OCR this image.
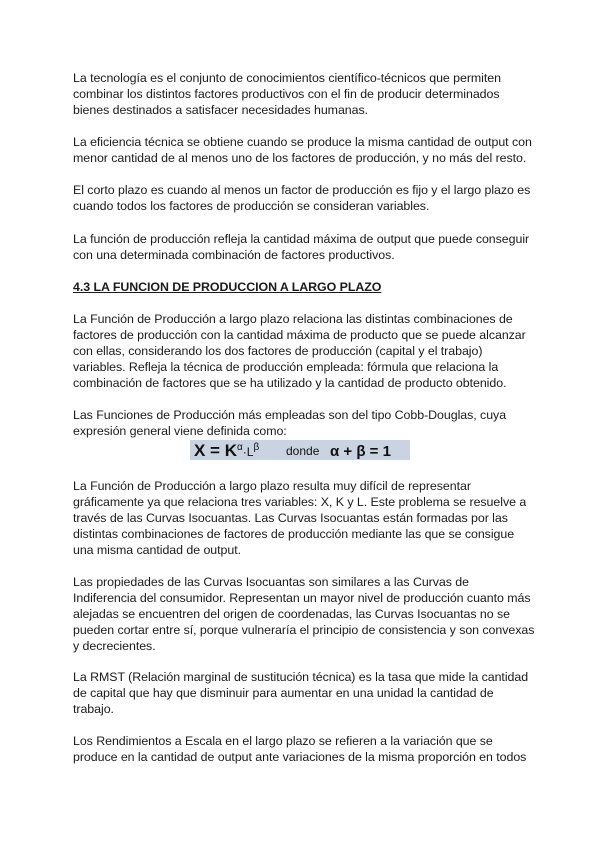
La tecnología es el conjunto de conocimientos científico-técnicos que permiten
combinar los distintos factores productivos con el fin de producir determinados
bienes destinados a satisfacer necesidades humanas.
La eficiencia técnica se obtiene cuando se produce la misma cantidad de output con
menor cantidad de al menos uno de los factores de producción, y no más del resto.
El corto plazo es cuando al menos un factor de producción es fijo y el largo plazo es
cuando todos los factores de producción se consideran variables.
La función de producción refleja la cantidad máxima de output que puede conseguir
con una determinada combinación de factores productivos.
4.3 LA FUNCION DE PRODUCCION A LARGO PLAZO
La Función de Producción a largo plazo relaciona las distintas combinaciones de
factores de producción con la cantidad máxima de producto que se puede alcanzar
con ellas, considerando los dos factores de producción (capital y el trabajo)
variables. Refleja la técnica de producción empleada: fórmula que relaciona la
combinación de factores que se ha utilizado y la cantidad de producto obtenido.
Las Funciones de Producción más empleadas son del tipo Cobb-Douglas, cuya
expresión general viene definida como:
$X = K^\alpha_{\cdot L}^\beta$ donde α + β = 1
La Función de Producción a largo plazo resulta muy difícil de representar
gráficamente ya que relaciona tres variables: X, K y L. Este problema se resuelve a
través de las Curvas Isocuantas. Las Curvas Isocuantas están formadas por las
distintas combinaciones de factores de producción mediante las que se consigue
una misma cantidad de output.
Las propiedades de las Curvas Isocuantas son similares a las Curvas de
Indiferencia del consumidor. Representan un mayor nivel de producción cuanto más
alejadas se encuentren del origen de coordenadas, las Curvas Isocuantas no se
pueden cortar entre sí, porque vulneraría el principio de consistencia y son convexas
y decrecientes.
La RMST (Relación marginal de sustitución técnica) es la tasa que mide la cantidad
de capital que hay que disminuir para aumentar en una unidad la cantidad de
trabajo.
Los Rendimientos a Escala en el largo plazo se refieren a la variación que se
produce en la cantidad de output ante variaciones de la misma proporción en todos
